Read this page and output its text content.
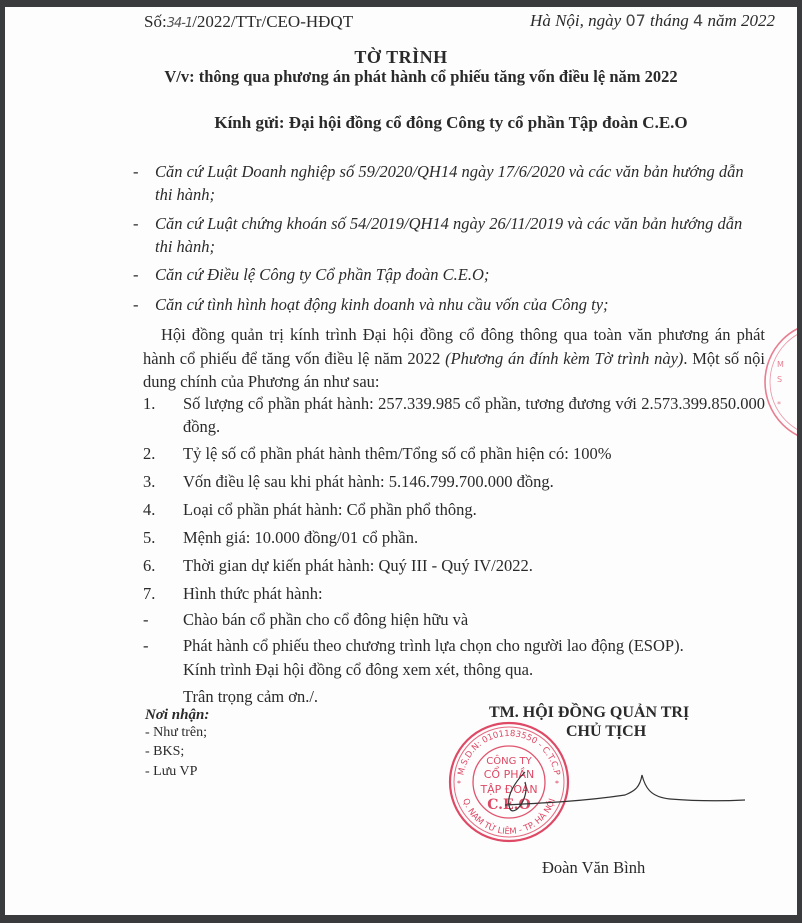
Số:34-1/2022/TTr/CEO-HĐQT	Hà Nội, ngày 07 tháng 4 năm 2022
TỜ TRÌNH
V/v: thông qua phương án phát hành cổ phiếu tăng vốn điều lệ năm 2022
Kính gửi: Đại hội đồng cổ đông Công ty cổ phần Tập đoàn C.E.O
- Căn cứ Luật Doanh nghiệp số 59/2020/QH14 ngày 17/6/2020 và các văn bản hướng dẫn thi hành;
- Căn cứ Luật chứng khoán số 54/2019/QH14 ngày 26/11/2019 và các văn bản hướng dẫn thi hành;
- Căn cứ Điều lệ Công ty Cổ phần Tập đoàn C.E.O;
- Căn cứ tình hình hoạt động kinh doanh và nhu cầu vốn của Công ty;
Hội đồng quản trị kính trình Đại hội đồng cổ đông thông qua toàn văn phương án phát hành cổ phiếu để tăng vốn điều lệ năm 2022 (Phương án đính kèm Tờ trình này). Một số nội dung chính của Phương án như sau:
1. Số lượng cổ phần phát hành: 257.339.985 cổ phần, tương đương với 2.573.399.850.000 đồng.
2. Tỷ lệ số cổ phần phát hành thêm/Tổng số cổ phần hiện có: 100%
3. Vốn điều lệ sau khi phát hành: 5.146.799.700.000 đồng.
4. Loại cổ phần phát hành: Cổ phần phổ thông.
5. Mệnh giá: 10.000 đồng/01 cổ phần.
6. Thời gian dự kiến phát hành: Quý III - Quý IV/2022.
7. Hình thức phát hành:
- Chào bán cổ phần cho cổ đông hiện hữu và
- Phát hành cổ phiếu theo chương trình lựa chọn cho người lao động (ESOP).
Kính trình Đại hội đồng cổ đông xem xét, thông qua.
Trân trọng cảm ơn./.
Nơi nhận:
- Như trên;
- BKS;
- Lưu VP
TM. HỘI ĐỒNG QUẢN TRỊ
CHỦ TỊCH
M.S.D.N: 0101183550 - C.T.C.P
Q. NAM TỪ LIÊM - TP. HÀ NỘI
*	*
CÔNG TY
CỔ PHẦN
TẬP ĐOÀN
C.E.O
Đoàn Văn Bình
M
S
*
